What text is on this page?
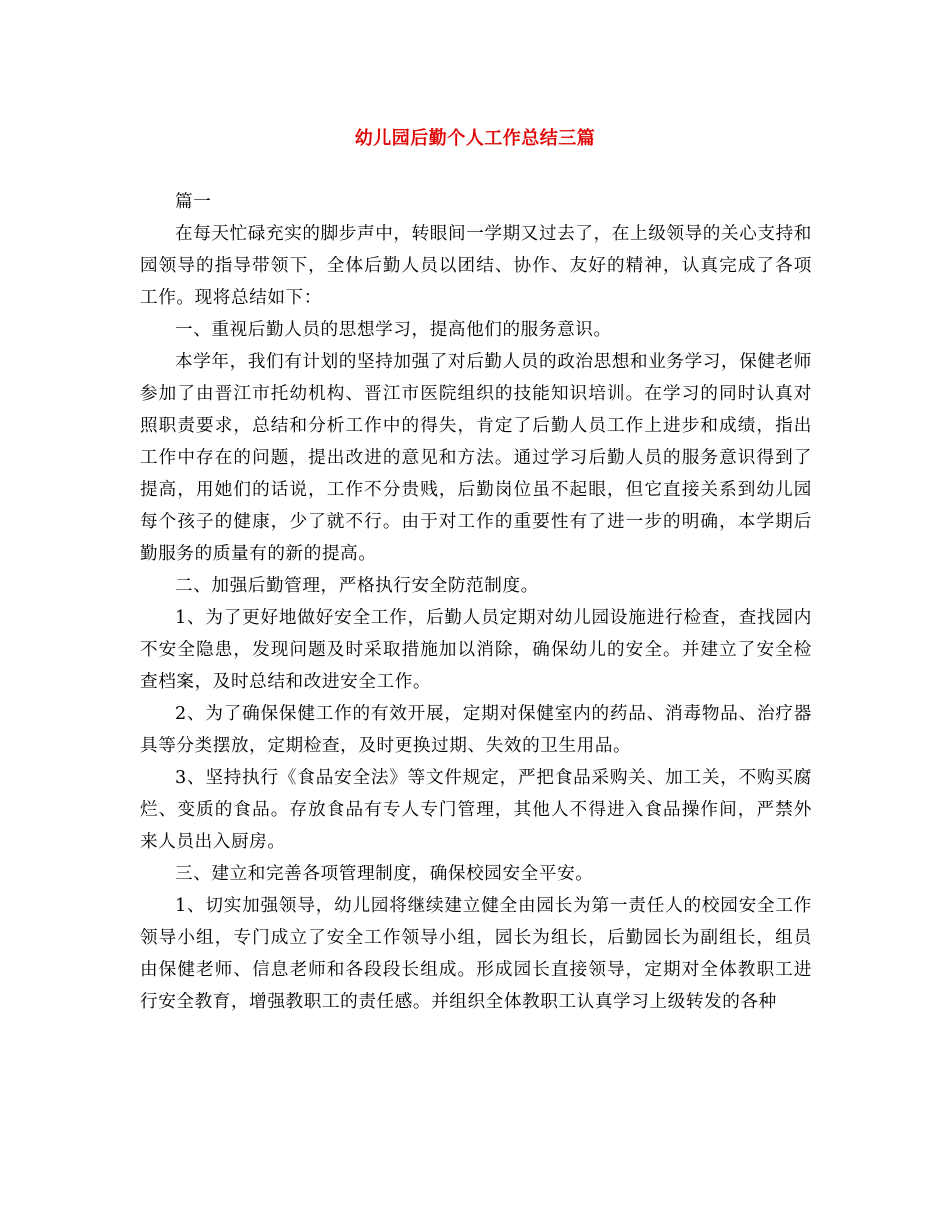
幼儿园后勤个人工作总结三篇

篇一

在每天忙碌充实的脚步声中，转眼间一学期又过去了，在上级领导的关心支持和园领导的指导带领下，全体后勤人员以团结、协作、友好的精神，认真完成了各项工作。现将总结如下：

一、重视后勤人员的思想学习，提高他们的服务意识。

本学年，我们有计划的坚持加强了对后勤人员的政治思想和业务学习，保健老师参加了由晋江市托幼机构、晋江市医院组织的技能知识培训。在学习的同时认真对照职责要求，总结和分析工作中的得失，肯定了后勤人员工作上进步和成绩，指出工作中存在的问题，提出改进的意见和方法。通过学习后勤人员的服务意识得到了提高，用她们的话说，工作不分贵贱，后勤岗位虽不起眼，但它直接关系到幼儿园每个孩子的健康，少了就不行。由于对工作的重要性有了进一步的明确，本学期后勤服务的质量有的新的提高。

二、加强后勤管理，严格执行安全防范制度。

1、为了更好地做好安全工作，后勤人员定期对幼儿园设施进行检查，查找园内不安全隐患，发现问题及时采取措施加以消除，确保幼儿的安全。并建立了安全检查档案，及时总结和改进安全工作。

2、为了确保保健工作的有效开展，定期对保健室内的药品、消毒物品、治疗器具等分类摆放，定期检查，及时更换过期、失效的卫生用品。

3、坚持执行《食品安全法》等文件规定，严把食品采购关、加工关，不购买腐烂、变质的食品。存放食品有专人专门管理，其他人不得进入食品操作间，严禁外来人员出入厨房。

三、建立和完善各项管理制度，确保校园安全平安。

1、切实加强领导，幼儿园将继续建立健全由园长为第一责任人的校园安全工作领导小组，专门成立了安全工作领导小组，园长为组长，后勤园长为副组长，组员由保健老师、信息老师和各段段长组成。形成园长直接领导，定期对全体教职工进行安全教育，增强教职工的责任感。并组织全体教职工认真学习上级转发的各种
